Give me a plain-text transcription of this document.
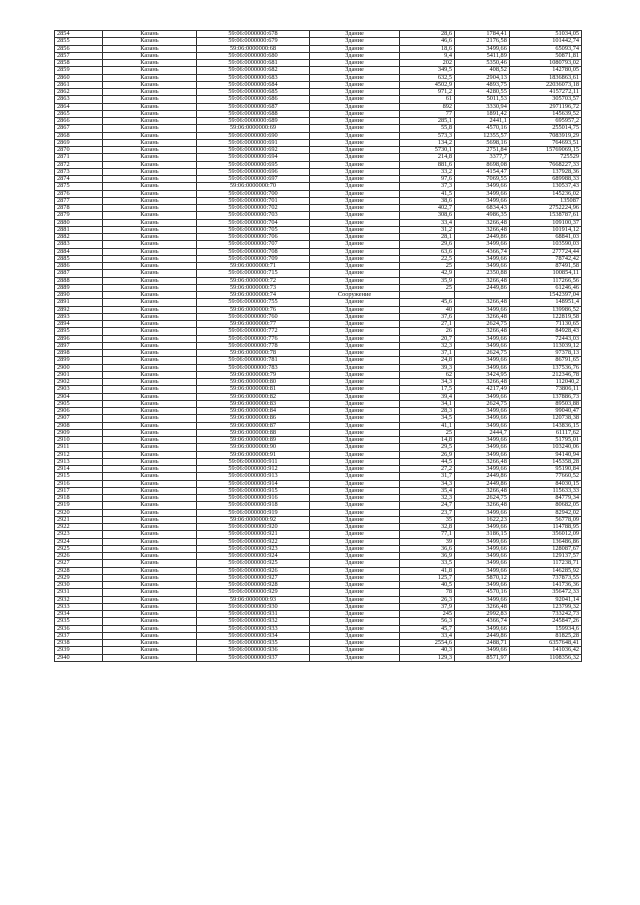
2854	Казань	59:06:0000000:678	Здание	28,6	1784,41	51034,05
2855	Казань	59:06:0000000:679	Здание	46,6	2176,58	101442,74
2856	Казань	59:06:0000000:68	Здание	18,6	3499,66	65093,74
2857	Казань	59:06:0000000:680	Здание	9,4	5411,89	50871,81
2858	Казань	59:06:0000000:681	Здание	202	5350,46	1080793,02
2859	Казань	59:06:0000000:682	Здание	349,5	408,52	142780,05
2860	Казань	59:06:0000000:683	Здание	632,5	2904,13	1836863,61
2861	Казань	59:06:0000000:684	Здание	4502,9	4893,75	22036073,18
2862	Казань	59:06:0000000:685	Здание	971,2	4280,55	4157272,11
2863	Казань	59:06:0000000:686	Здание	61	5011,53	305703,57
2864	Казань	59:06:0000000:687	Здание	892	3330,94	2971196,72
2865	Казань	59:06:0000000:688	Здание	77	1891,42	145639,52
2866	Казань	59:06:0000000:689	Здание	285,1	2441,1	695957,2
2867	Казань	59:06:0000000:69	Здание	55,8	4570,16	255014,75
2868	Казань	59:06:0000000:690	Здание	573,3	12355,57	7083919,29
2869	Казань	59:06:0000000:691	Здание	134,2	5698,16	764693,51
2870	Казань	59:06:0000000:692	Здание	5730,1	2751,84	15769069,15
2871	Казань	59:06:0000000:694	Здание	214,8	3377,7	725529
2872	Казань	59:06:0000000:695	Здание	881,6	8698,08	7668227,33
2873	Казань	59:06:0000000:696	Здание	33,2	4154,47	137928,36
2874	Казань	59:06:0000000:697	Здание	97,6	7069,55	689988,33
2875	Казань	59:06:0000000:70	Здание	37,3	3499,66	130537,43
2876	Казань	59:06:0000000:700	Здание	41,5	3499,66	145236,02
2877	Казань	59:06:0000000:701	Здание	38,6	3499,66	135087
2878	Казань	59:06:0000000:702	Здание	402,7	6834,43	2752224,96
2879	Казань	59:06:0000000:703	Здание	308,6	4986,35	1538787,61
2880	Казань	59:06:0000000:704	Здание	33,4	3266,48	109100,37
2881	Казань	59:06:0000000:705	Здание	31,2	3266,48	101914,12
2882	Казань	59:06:0000000:706	Здание	28,1	2449,86	68841,03
2883	Казань	59:06:0000000:707	Здание	29,6	3499,66	103590,03
2884	Казань	59:06:0000000:708	Здание	63,6	4366,74	277724,44
2885	Казань	59:06:0000000:709	Здание	22,5	3499,66	78742,42
2886	Казань	59:06:0000000:71	Здание	25	3499,66	87491,58
2887	Казань	59:06:0000000:715	Здание	42,9	2350,88	100854,11
2888	Казань	59:06:0000000:72	Здание	35,9	3266,48	117266,56
2889	Казань	59:06:0000000:73	Здание	25	2449,86	61246,46
2890	Казань	59:06:0000000:74	Сооружение			1542397,04
2891	Казань	59:06:0000000:755	Здание	45,6	3266,48	148951,4
2892	Казань	59:06:0000000:76	Здание	40	3499,66	139986,52
2893	Казань	59:06:0000000:760	Здание	37,6	3266,48	122819,58
2894	Казань	59:06:0000000:77	Здание	27,1	2624,75	71130,65
2895	Казань	59:06:0000000:772	Здание	26	3266,48	84928,43
2896	Казань	59:06:0000000:776	Здание	20,7	3499,66	72443,03
2897	Казань	59:06:0000000:778	Здание	32,3	3499,66	113039,12
2898	Казань	59:06:0000000:78	Здание	37,1	2624,75	97378,13
2899	Казань	59:06:0000000:781	Здание	24,8	3499,66	86791,65
2900	Казань	59:06:0000000:783	Здание	39,3	3499,66	137536,76
2901	Казань	59:06:0000000:79	Здание	62	3424,95	212346,78
2902	Казань	59:06:0000000:80	Здание	34,3	3266,48	112040,2
2903	Казань	59:06:0000000:81	Здание	17,5	4217,49	73806,11
2904	Казань	59:06:0000000:82	Здание	39,4	3499,66	137886,73
2905	Казань	59:06:0000000:83	Здание	34,1	2624,75	89503,88
2906	Казань	59:06:0000000:84	Здание	28,3	3499,66	99040,47
2907	Казань	59:06:0000000:86	Здание	34,5	3499,66	120738,38
2908	Казань	59:06:0000000:87	Здание	41,1	3499,66	143836,15
2909	Казань	59:06:0000000:88	Здание	25	2444,7	61117,62
2910	Казань	59:06:0000000:89	Здание	14,8	3499,66	51795,01
2911	Казань	59:06:0000000:90	Здание	29,5	3499,66	103240,06
2912	Казань	59:06:0000000:91	Здание	26,9	3499,66	94140,94
2913	Казань	59:06:0000000:911	Здание	44,5	3266,48	145358,28
2914	Казань	59:06:0000000:912	Здание	27,2	3499,66	95190,84
2915	Казань	59:06:0000000:913	Здание	31,7	2449,86	77660,52
2916	Казань	59:06:0000000:914	Здание	34,3	2449,86	84030,15
2917	Казань	59:06:0000000:915	Здание	35,4	3266,48	115633,33
2918	Казань	59:06:0000000:916	Здание	32,3	2624,75	84779,34
2919	Казань	59:06:0000000:918	Здание	24,7	3266,48	80682,05
2920	Казань	59:06:0000000:919	Здание	23,7	3499,66	82942,02
2921	Казань	59:06:0000000:92	Здание	35	1622,23	56778,09
2922	Казань	59:06:0000000:920	Здание	32,8	3499,66	114788,95
2923	Казань	59:06:0000000:921	Здание	77,1	3186,15	356012,09
2924	Казань	59:06:0000000:922	Здание	39	3499,66	136486,86
2925	Казань	59:06:0000000:923	Здание	36,6	3499,66	128087,67
2926	Казань	59:06:0000000:924	Здание	36,9	3499,66	129137,57
2927	Казань	59:06:0000000:925	Здание	33,5	3499,66	117238,71
2928	Казань	59:06:0000000:926	Здание	41,8	3499,66	146285,92
2929	Казань	59:06:0000000:927	Здание	125,7	5870,12	737873,55
2930	Казань	59:06:0000000:928	Здание	40,5	3499,66	141736,36
2931	Казань	59:06:0000000:929	Здание	78	4570,16	356472,33
2932	Казань	59:06:0000000:93	Здание	26,3	3499,66	92041,14
2933	Казань	59:06:0000000:930	Здание	37,9	3266,48	123799,32
2934	Казань	59:06:0000000:931	Здание	245	2992,83	733242,73
2935	Казань	59:06:0000000:932	Здание	56,3	4366,74	245847,26
2936	Казань	59:06:0000000:933	Здание	45,7	3499,66	159934,6
2937	Казань	59:06:0000000:934	Здание	33,4	2449,86	81825,28
2938	Казань	59:06:0000000:935	Здание	2554,6	2488,71	6357648,41
2939	Казань	59:06:0000000:936	Здание	40,3	3499,66	141036,42
2940	Казань	59:06:0000000:937	Здание	129,3	8571,97	1108356,32
